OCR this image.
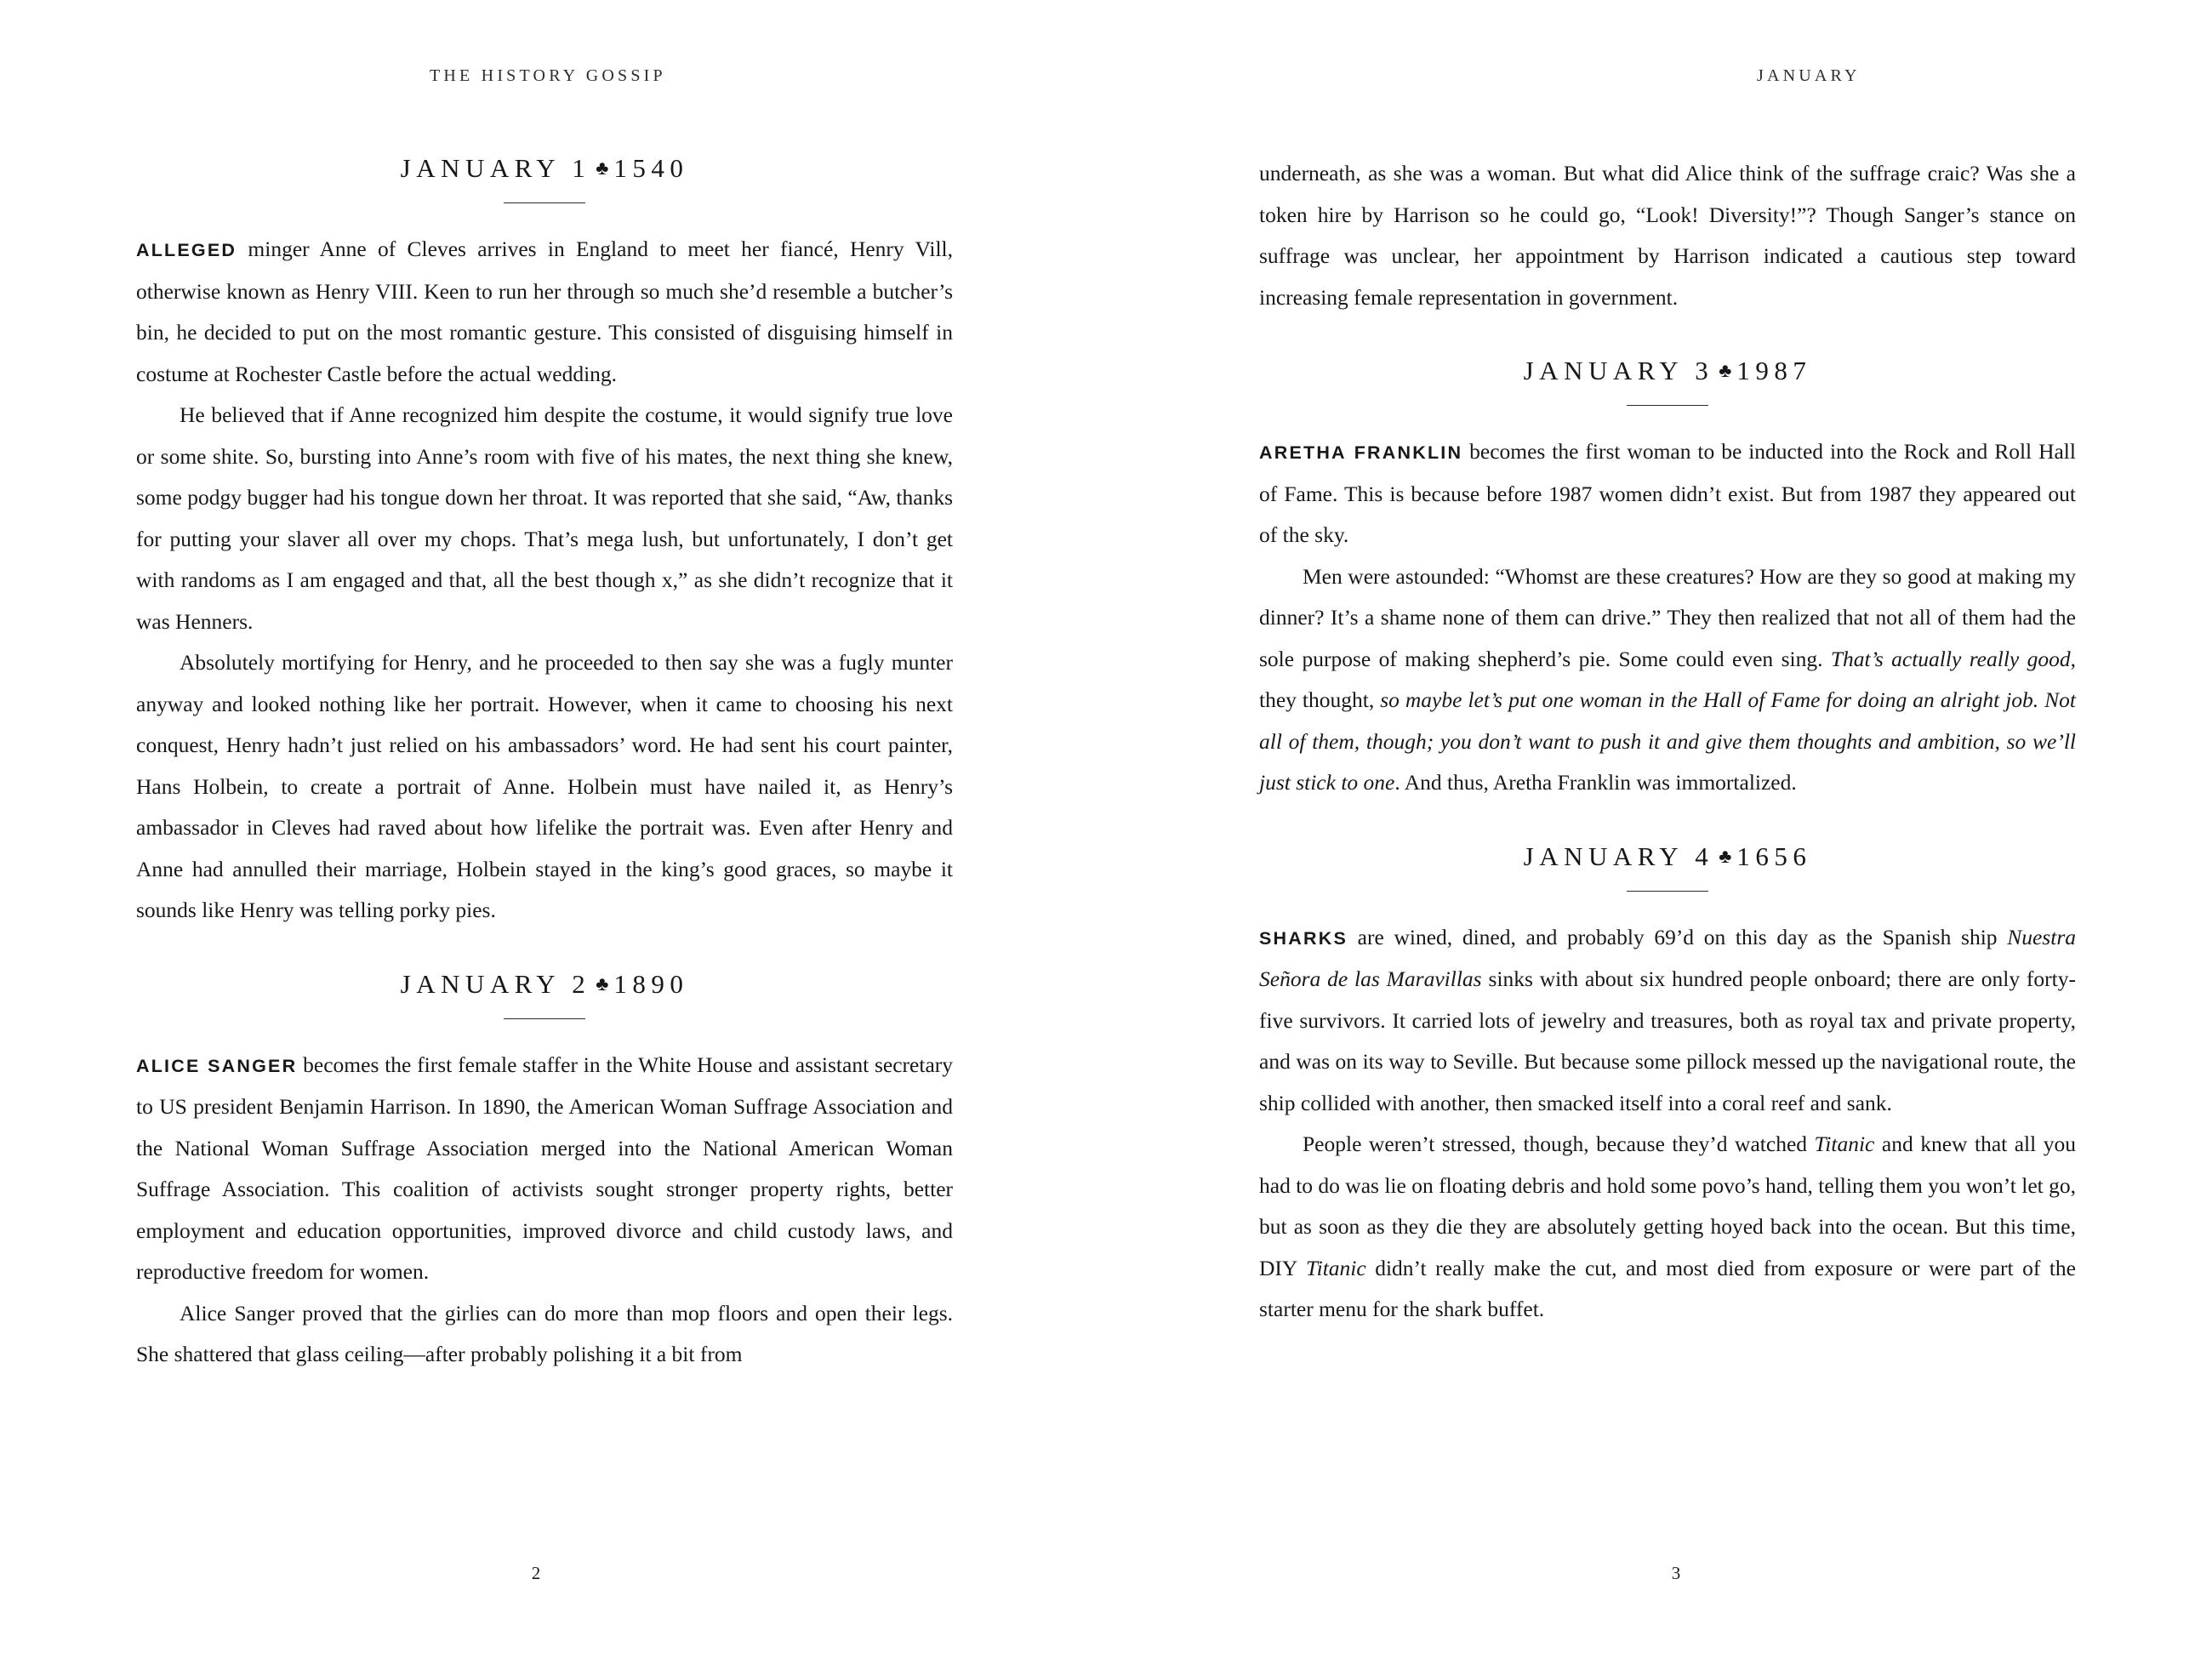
THE HISTORY GOSSIP
JANUARY 1 ♣ 1540

ALLEGED minger Anne of Cleves arrives in England to meet her fiancé, Henry Vill, otherwise known as Henry VIII. Keen to run her through so much she’d resemble a butcher’s bin, he decided to put on the most romantic gesture. This consisted of disguising himself in costume at Rochester Castle before the actual wedding.

He believed that if Anne recognized him despite the costume, it would signify true love or some shite. So, bursting into Anne’s room with five of his mates, the next thing she knew, some podgy bugger had his tongue down her throat. It was reported that she said, “Aw, thanks for putting your slaver all over my chops. That’s mega lush, but unfortunately, I don’t get with randoms as I am engaged and that, all the best though x,” as she didn’t recognize that it was Henners.

Absolutely mortifying for Henry, and he proceeded to then say she was a fugly munter anyway and looked nothing like her portrait. However, when it came to choosing his next conquest, Henry hadn’t just relied on his ambassadors’ word. He had sent his court painter, Hans Holbein, to create a portrait of Anne. Holbein must have nailed it, as Henry’s ambassador in Cleves had raved about how lifelike the portrait was. Even after Henry and Anne had annulled their marriage, Holbein stayed in the king’s good graces, so maybe it sounds like Henry was telling porky pies.

JANUARY 2 ♣ 1890

ALICE SANGER becomes the first female staffer in the White House and assistant secretary to US president Benjamin Harrison. In 1890, the American Woman Suffrage Association and the National Woman Suffrage Association merged into the National American Woman Suffrage Association. This coalition of activists sought stronger property rights, better employment and education opportunities, improved divorce and child custody laws, and reproductive freedom for women.

Alice Sanger proved that the girlies can do more than mop floors and open their legs. She shattered that glass ceiling—after probably polishing it a bit from

2
JANUARY

underneath, as she was a woman. But what did Alice think of the suffrage craic? Was she a token hire by Harrison so he could go, “Look! Diversity!”? Though Sanger’s stance on suffrage was unclear, her appointment by Harrison indicated a cautious step toward increasing female representation in government.

JANUARY 3 ♣ 1987

ARETHA FRANKLIN becomes the first woman to be inducted into the Rock and Roll Hall of Fame. This is because before 1987 women didn’t exist. But from 1987 they appeared out of the sky.

Men were astounded: “Whomst are these creatures? How are they so good at making my dinner? It’s a shame none of them can drive.” They then realized that not all of them had the sole purpose of making shepherd’s pie. Some could even sing. That’s actually really good, they thought, so maybe let’s put one woman in the Hall of Fame for doing an alright job. Not all of them, though; you don’t want to push it and give them thoughts and ambition, so we’ll just stick to one. And thus, Aretha Franklin was immortalized.

JANUARY 4 ♣ 1656

SHARKS are wined, dined, and probably 69’d on this day as the Spanish ship Nuestra Señora de las Maravillas sinks with about six hundred people onboard; there are only forty-five survivors. It carried lots of jewelry and treasures, both as royal tax and private property, and was on its way to Seville. But because some pillock messed up the navigational route, the ship collided with another, then smacked itself into a coral reef and sank.

People weren’t stressed, though, because they’d watched Titanic and knew that all you had to do was lie on floating debris and hold some povo’s hand, telling them you won’t let go, but as soon as they die they are absolutely getting hoyed back into the ocean. But this time, DIY Titanic didn’t really make the cut, and most died from exposure or were part of the starter menu for the shark buffet.

3
